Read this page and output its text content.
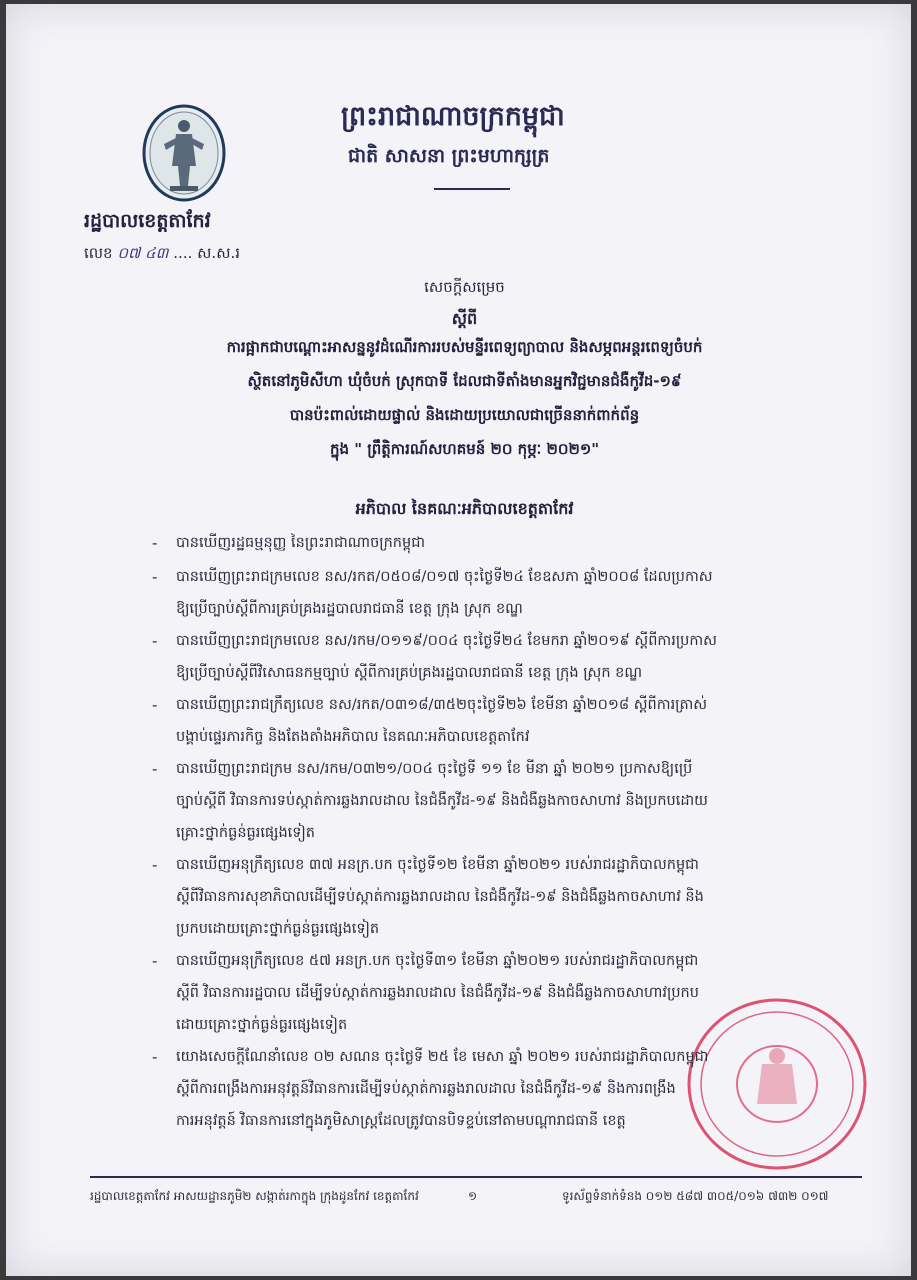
ព្រះរាជាណាចក្រកម្ពុជា
ជាតិ សាសនា ព្រះមហាក្សត្រ
រដ្ឋបាលខេត្តតាកែវ
លេខ ០៧ ៤៣ .... ស.ស.រ
សេចក្ដីសម្រេច
ស្ដីពី
ការផ្អាកជាបណ្ដោះអាសន្ននូវដំណើរការរបស់មន្ទីរពេទ្យព្យាបាល និងសម្ភពអន្ដរពេទ្យចំបក់
ស្ថិតនៅភូមិសីហា ឃុំចំបក់ ស្រុកបាទី ដែលជាទីតាំងមានអ្នកវិជ្ជមានជំងឺកូវីដ-១៩
បានប៉ះពាល់ដោយផ្ទាល់ និងដោយប្រយោលជាច្រើននាក់ពាក់ព័ន្ធ
ក្នុង " ព្រឹត្តិការណ៍សហគមន៍ ២០ កុម្ភៈ ២០២១"
អភិបាល នៃគណៈអភិបាលខេត្តតាកែវ
- បានឃើញរដ្ឋធម្មនុញ្ញ នៃព្រះរាជាណាចក្រកម្ពុជា
- បានឃើញព្រះរាជក្រមលេខ នស/រកត/០៥០៨/០១៧ ចុះថ្ងៃទី២៤ ខែឧសភា ឆ្នាំ២០០៨ ដែលប្រកាស
ឱ្យប្រើច្បាប់ស្ដីពីការគ្រប់គ្រងរដ្ឋបាលរាជធានី ខេត្ត ក្រុង ស្រុក ខណ្ឌ
- បានឃើញព្រះរាជក្រមលេខ នស/រកម/០១១៩/០០៤ ចុះថ្ងៃទី២៤ ខែមករា ឆ្នាំ២០១៩ ស្ដីពីការប្រកាស
ឱ្យប្រើច្បាប់ស្ដីពីវិសោធនកម្មច្បាប់ ស្ដីពីការគ្រប់គ្រងរដ្ឋបាលរាជធានី ខេត្ត ក្រុង ស្រុក ខណ្ឌ
- បានឃើញព្រះរាជក្រឹត្យលេខ នស/រកត/០៣១៨/៣៥២ចុះថ្ងៃទី២៦ ខែមីនា ឆ្នាំ២០១៨ ស្ដីពីការត្រាស់
បង្គាប់ផ្ទេរភារកិច្ច និងតែងតាំងអភិបាល នៃគណៈអភិបាលខេត្តតាកែវ
- បានឃើញព្រះរាជក្រម នស/រកម/០៣២១/០០៤ ចុះថ្ងៃទី ១១ ខែ មីនា ឆ្នាំ ២០២១ ប្រកាសឱ្យប្រើ
ច្បាប់ស្ដីពី វិធានការទប់ស្កាត់ការឆ្លងរាលដាល នៃជំងឺកូវីដ-១៩ និងជំងឺឆ្លងកាចសាហាវ និងប្រកបដោយ
គ្រោះថ្នាក់ធ្ងន់ធ្ងរផ្សេងទៀត
- បានឃើញអនុក្រឹត្យលេខ ៣៧ អនក្រ.បក ចុះថ្ងៃទី១២ ខែមីនា ឆ្នាំ២០២១ របស់រាជរដ្ឋាភិបាលកម្ពុជា
ស្ដីពីវិធានការសុខាភិបាលដើម្បីទប់ស្កាត់ការឆ្លងរាលដាល នៃជំងឺកូវីដ-១៩ និងជំងឺឆ្លងកាចសាហាវ និង
ប្រកបដោយគ្រោះថ្នាក់ធ្ងន់ធ្ងរផ្សេងទៀត
- បានឃើញអនុក្រឹត្យលេខ ៥៧ អនក្រ.បក ចុះថ្ងៃទី៣១ ខែមីនា ឆ្នាំ២០២១ របស់រាជរដ្ឋាភិបាលកម្ពុជា
ស្ដីពី វិធានការរដ្ឋបាល ដើម្បីទប់ស្កាត់ការឆ្លងរាលដាល នៃជំងឺកូវីដ-១៩ និងជំងឺឆ្លងកាចសាហាវប្រកប
ដោយគ្រោះថ្នាក់ធ្ងន់ធ្ងរផ្សេងទៀត
- យោងសេចក្ដីណែនាំលេខ ០២ សណន ចុះថ្ងៃទី ២៥ ខែ មេសា ឆ្នាំ ២០២១ របស់រាជរដ្ឋាភិបាលកម្ពុជា
ស្ដីពីការពង្រឹងការអនុវត្តន៍វិធានការដើម្បីទប់ស្កាត់ការឆ្លងរាលដាល នៃជំងឺកូវីដ-១៩ និងការពង្រឹង
ការអនុវត្តន៍ វិធានការនៅក្នុងភូមិសាស្ត្រដែលត្រូវបានបិទខ្ទប់នៅតាមបណ្ដារាជធានី ខេត្ត
រដ្ឋបាលខេត្តតាកែវ អាសយដ្ឋានភូមិ២ សង្កាត់រកាក្នុង ក្រុងដូនកែវ ខេត្តតាកែវ	១	ទូរស័ព្ទទំនាក់ទំនង ០១២ ៥៨៧ ៣០៥/០១៦ ៧៣២ ០១៧
